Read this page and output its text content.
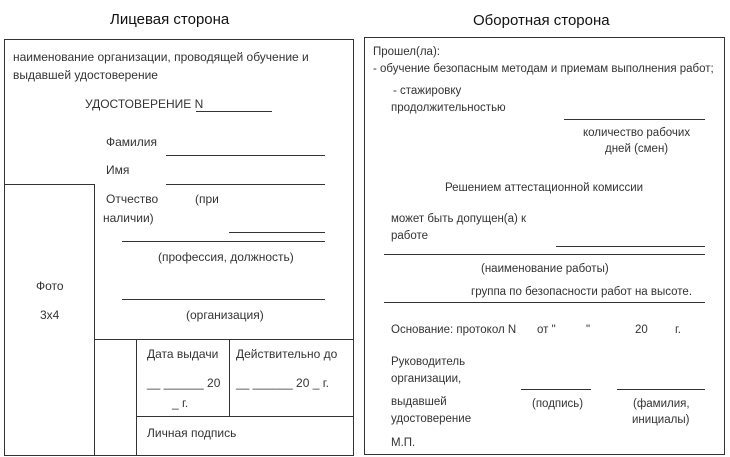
Лицевая сторона	Оборотная сторона
наименование организации, проводящей обучение и
выдавшей удостоверение
УДОСТОВЕРЕНИЕ N
Фамилия
Имя
Отчество	(при
наличии)
(профессия, должность)
(организация)
Фото
3x4
Дата выдачи Действительно до
__ ______ 20
_ г.
__ ______ 20 _ г.
Личная подпись
Прошел(ла):
- обучение безопасным методам и приемам выполнения работ;
- стажировку
продолжительностью
количество рабочих
дней (смен)
Решением аттестационной комиссии
может быть допущен(а) к
работе
(наименование работы)
группа по безопасности работ на высоте.
Основание: протокол N от "	"	20 г.
Руководитель
организации,
выдавшей
удостоверение
(подпись)	(фамилия,
инициалы)
М.П.
